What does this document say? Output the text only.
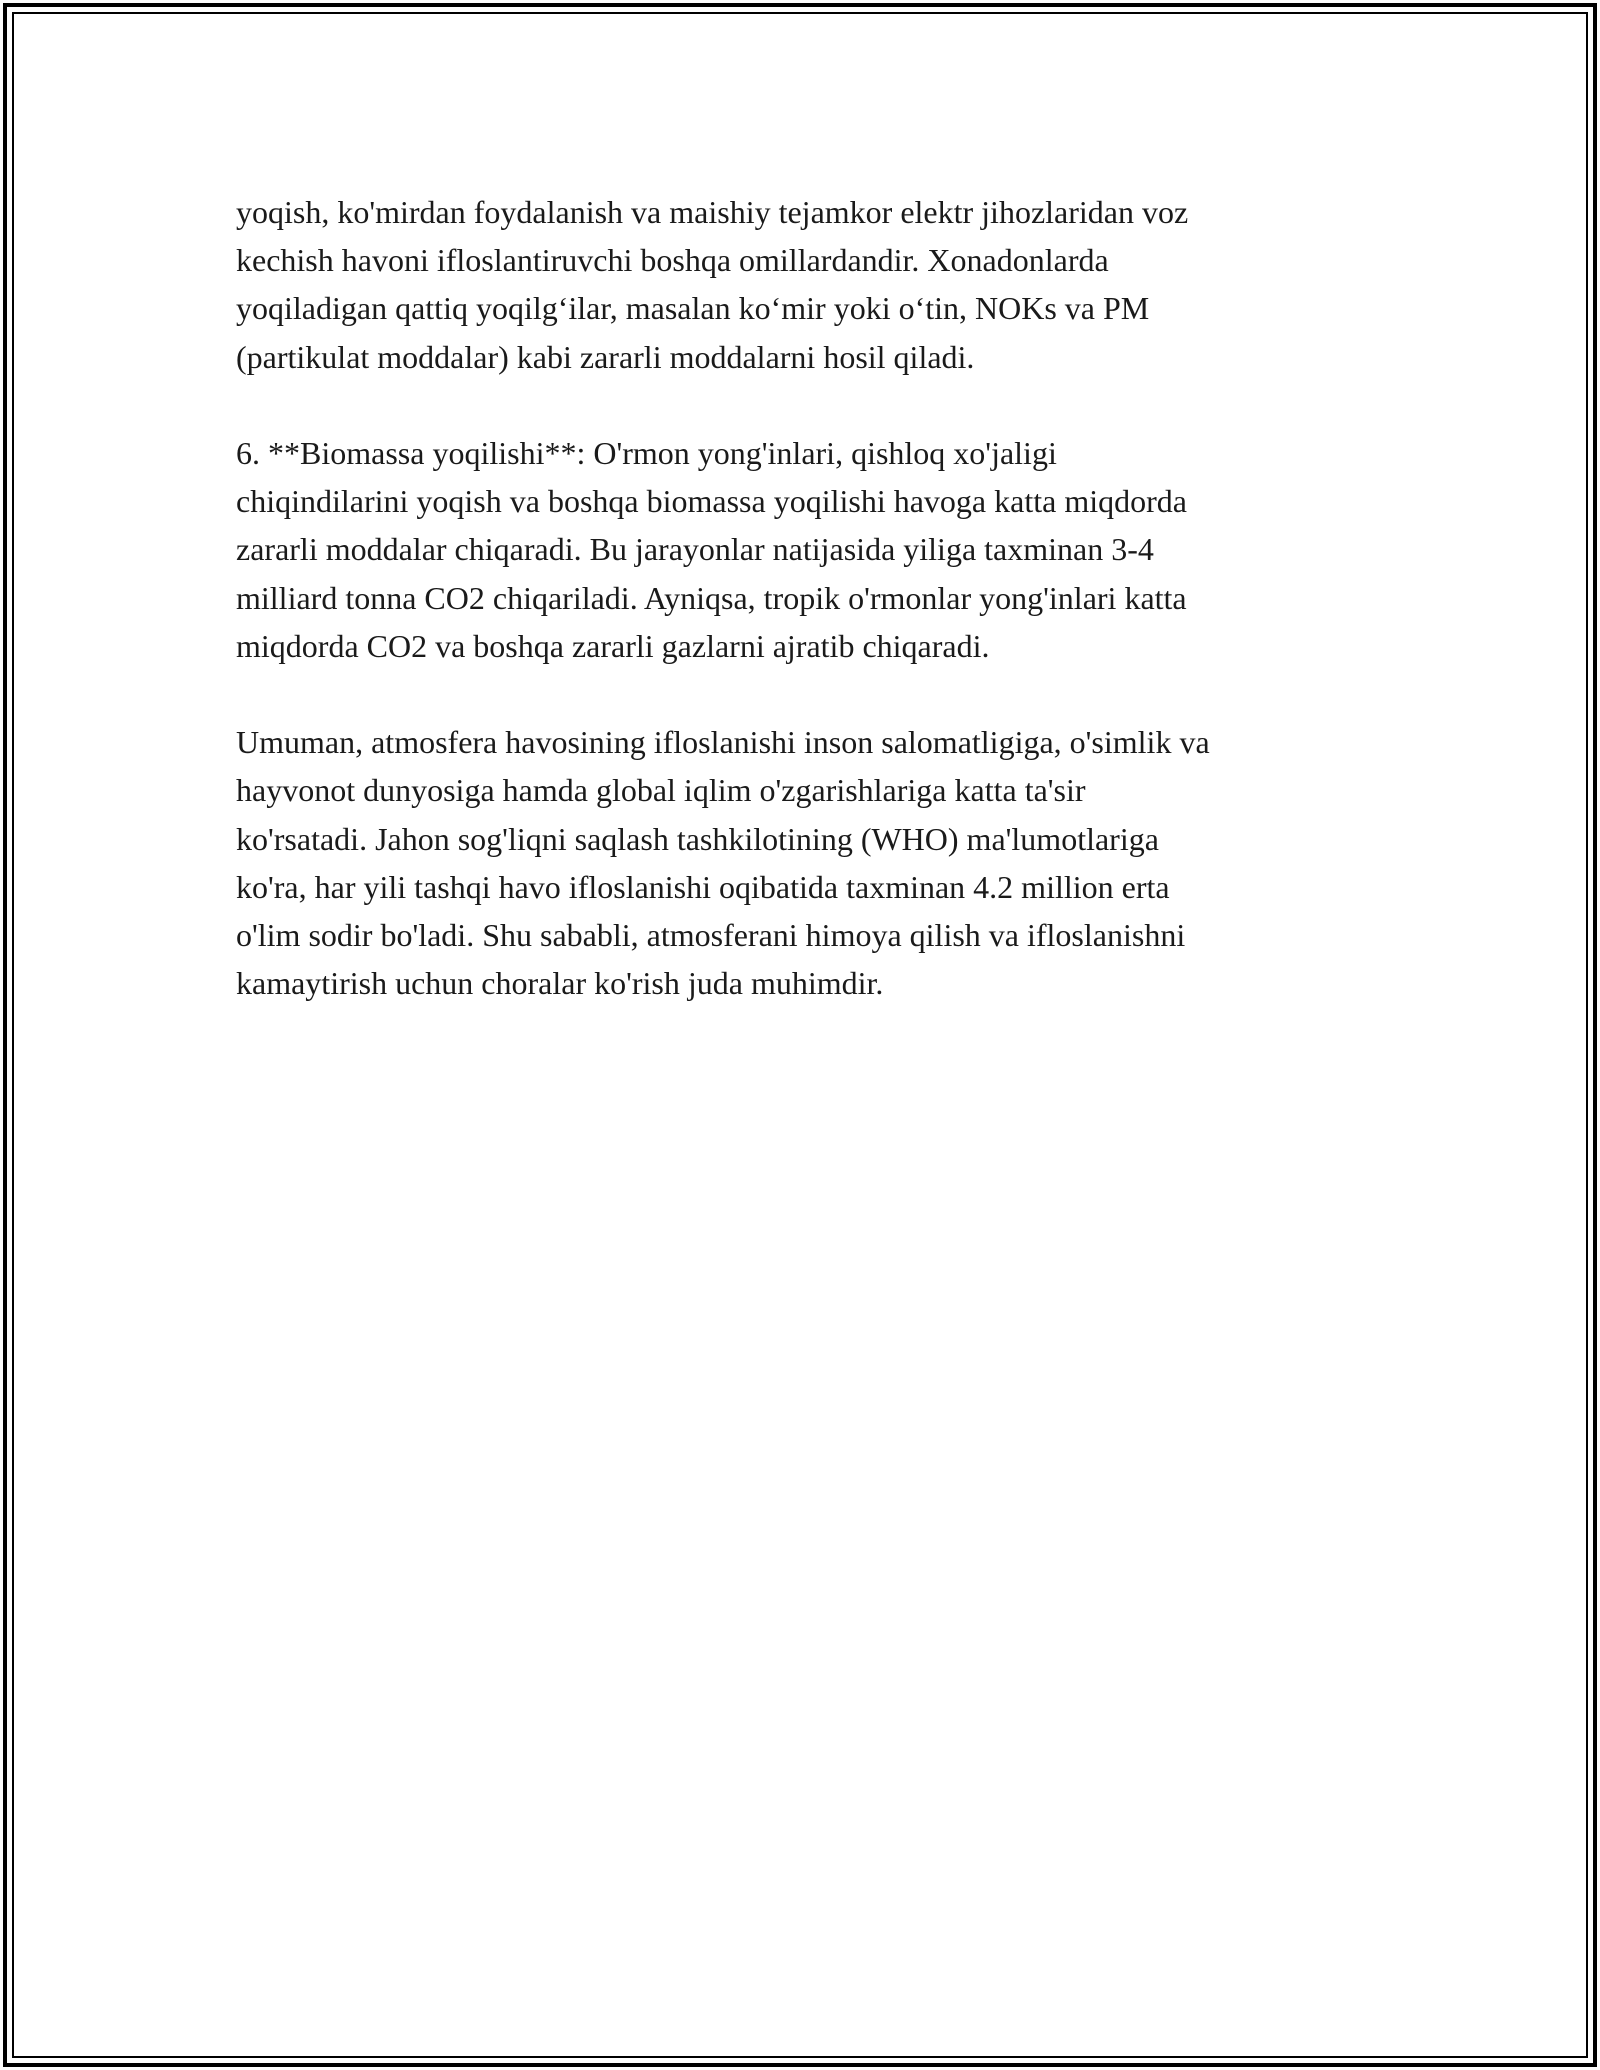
yoqish, ko'mirdan foydalanish va maishiy tejamkor elektr jihozlaridan voz
kechish havoni ifloslantiruvchi boshqa omillardandir. Xonadonlarda
yoqiladigan qattiq yoqilg‘ilar, masalan ko‘mir yoki o‘tin, NOKs va PM
(partikulat moddalar) kabi zararli moddalarni hosil qiladi.

6. **Biomassa yoqilishi**: O'rmon yong'inlari, qishloq xo'jaligi
chiqindilarini yoqish va boshqa biomassa yoqilishi havoga katta miqdorda
zararli moddalar chiqaradi. Bu jarayonlar natijasida yiliga taxminan 3-4
milliard tonna CO2 chiqariladi. Ayniqsa, tropik o'rmonlar yong'inlari katta
miqdorda CO2 va boshqa zararli gazlarni ajratib chiqaradi.

Umuman, atmosfera havosining ifloslanishi inson salomatligiga, o'simlik va
hayvonot dunyosiga hamda global iqlim o'zgarishlariga katta ta'sir
ko'rsatadi. Jahon sog'liqni saqlash tashkilotining (WHO) ma'lumotlariga
ko'ra, har yili tashqi havo ifloslanishi oqibatida taxminan 4.2 million erta
o'lim sodir bo'ladi. Shu sababli, atmosferani himoya qilish va ifloslanishni
kamaytirish uchun choralar ko'rish juda muhimdir.
